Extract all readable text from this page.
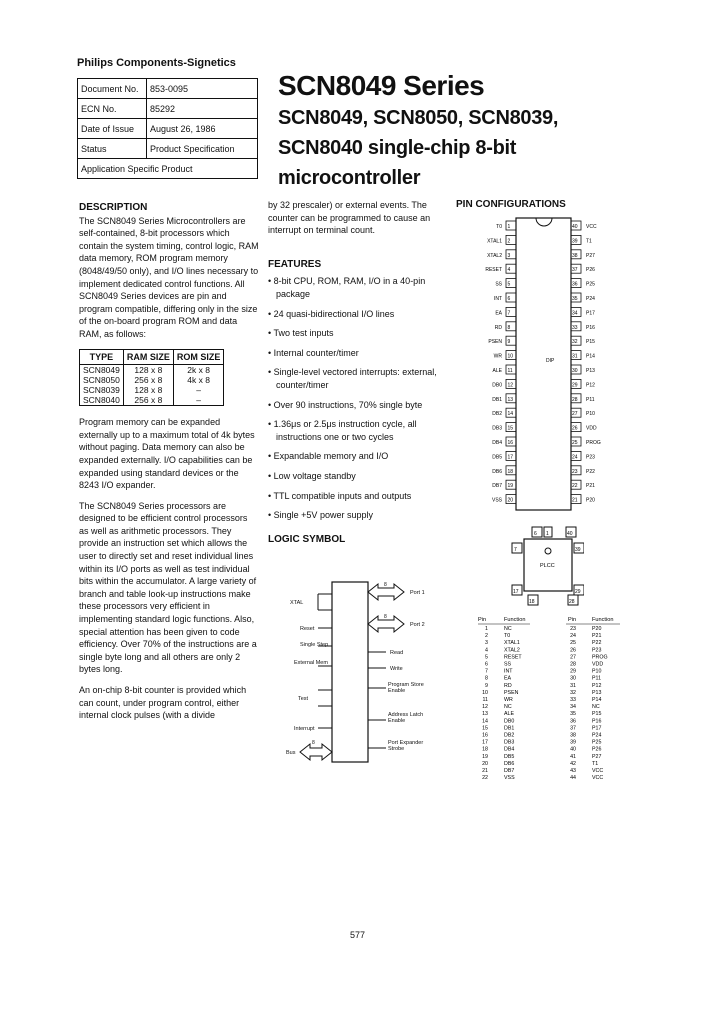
Philips Components-Signetics
Document No.	853-0095
ECN No.	85292
Date of Issue	August 26, 1986
Status	Product Specification
Application Specific Product	
SCN8049 Series
SCN8049, SCN8050, SCN8039, SCN8040 single-chip 8-bit microcontroller
DESCRIPTION

The SCN8049 Series Microcontrollers are self-contained, 8-bit processors which contain the system timing, control logic, RAM data memory, ROM program memory (8048/49/50 only), and I/O lines necessary to implement dedicated control functions. All SCN8049 Series devices are pin and program compatible, differing only in the size of the on-board program ROM and data RAM, as follows:

TYPE	RAM SIZE	ROM SIZE
SCN8049	128 x 8	2k x 8
SCN8050	256 x 8	4k x 8
SCN8039	128 x 8	–
SCN8040	256 x 8	–

Program memory can be expanded externally up to a maximum total of 4k bytes without paging. Data memory can also be expanded externally. I/O capabilities can be expanded using standard devices or the 8243 I/O expander.

The SCN8049 Series processors are designed to be efficient control processors as well as arithmetic processors. They provide an instruction set which allows the user to directly set and reset individual lines within its I/O ports as well as test individual bits within the accumulator. A large variety of branch and table look-up instructions make these processors very efficient in implementing standard logic functions. Also, special attention has been given to code efficiency. Over 70% of the instructions are a single byte long and all others are only 2 bytes long.

An on-chip 8-bit counter is provided which can count, under program control, either internal clock pulses (with a divide

by 32 prescaler) or external events. The counter can be programmed to cause an interrupt on terminal count.

FEATURES
• 8-bit CPU, ROM, RAM, I/O in a 40-pin package
• 24 quasi-bidirectional I/O lines
• Two test inputs
• Internal counter/timer
• Single-level vectored interrupts: external, counter/timer
• Over 90 instructions, 70% single byte
• 1.36μs or 2.5μs instruction cycle, all instructions one or two cycles
• Expandable memory and I/O
• Low voltage standby
• TTL compatible inputs and outputs
• Single +5V power supply
LOGIC SYMBOL
XTAL
Reset
Single Step
External Mem
Test
Interrupt
Bus
8
8
Port 1
8
Port 2
Read
Write
Program Store Enable
Address Latch Enable
Port Expander Strobe
PIN CONFIGURATIONS
DIP
1
T0	40 VCC
2
XTAL1	39 T1
3
XTAL2	38 P27
4
RESET	37 P26
5
SS	36 P25
6
INT	35 P24
7
EA	34 P17
8
RD	33 P16
9
PSEN	32 P15
10
WR	31 P14
11
ALE	30 P13
12
DB0	29 P12
13
DB1	28 P11
14
DB2	27 P10
15
DB3	26 VDD
16
DB4	25 PROG
17
DB5	24 P23
18
DB6	23 P22
19
DB7	22 P21
20
VSS	21 P20
PLCC
6 1	40
7	39
17	29
18	28
Pin	Function	Pin	Function
1	NC	23	P20
2	T0	24	P21
3	XTAL1	25	P22
4	XTAL2	26	P23
5	RESET	27	PROG
6	SS	28	VDD
7	INT	29	P10
8	EA	30	P11
9	RD	31	P12
10	PSEN	32	P13
11	WR	33	P14
12	NC	34	NC
13	ALE	35	P15
14	DB0	36	P16
15	DB1	37	P17
16	DB2	38	P24
17	DB3	39	P25
18	DB4	40	P26
19	DB5	41	P27
20	DB6	42	T1
21	DB7	43	VCC
22	VSS	44	VCC
577
